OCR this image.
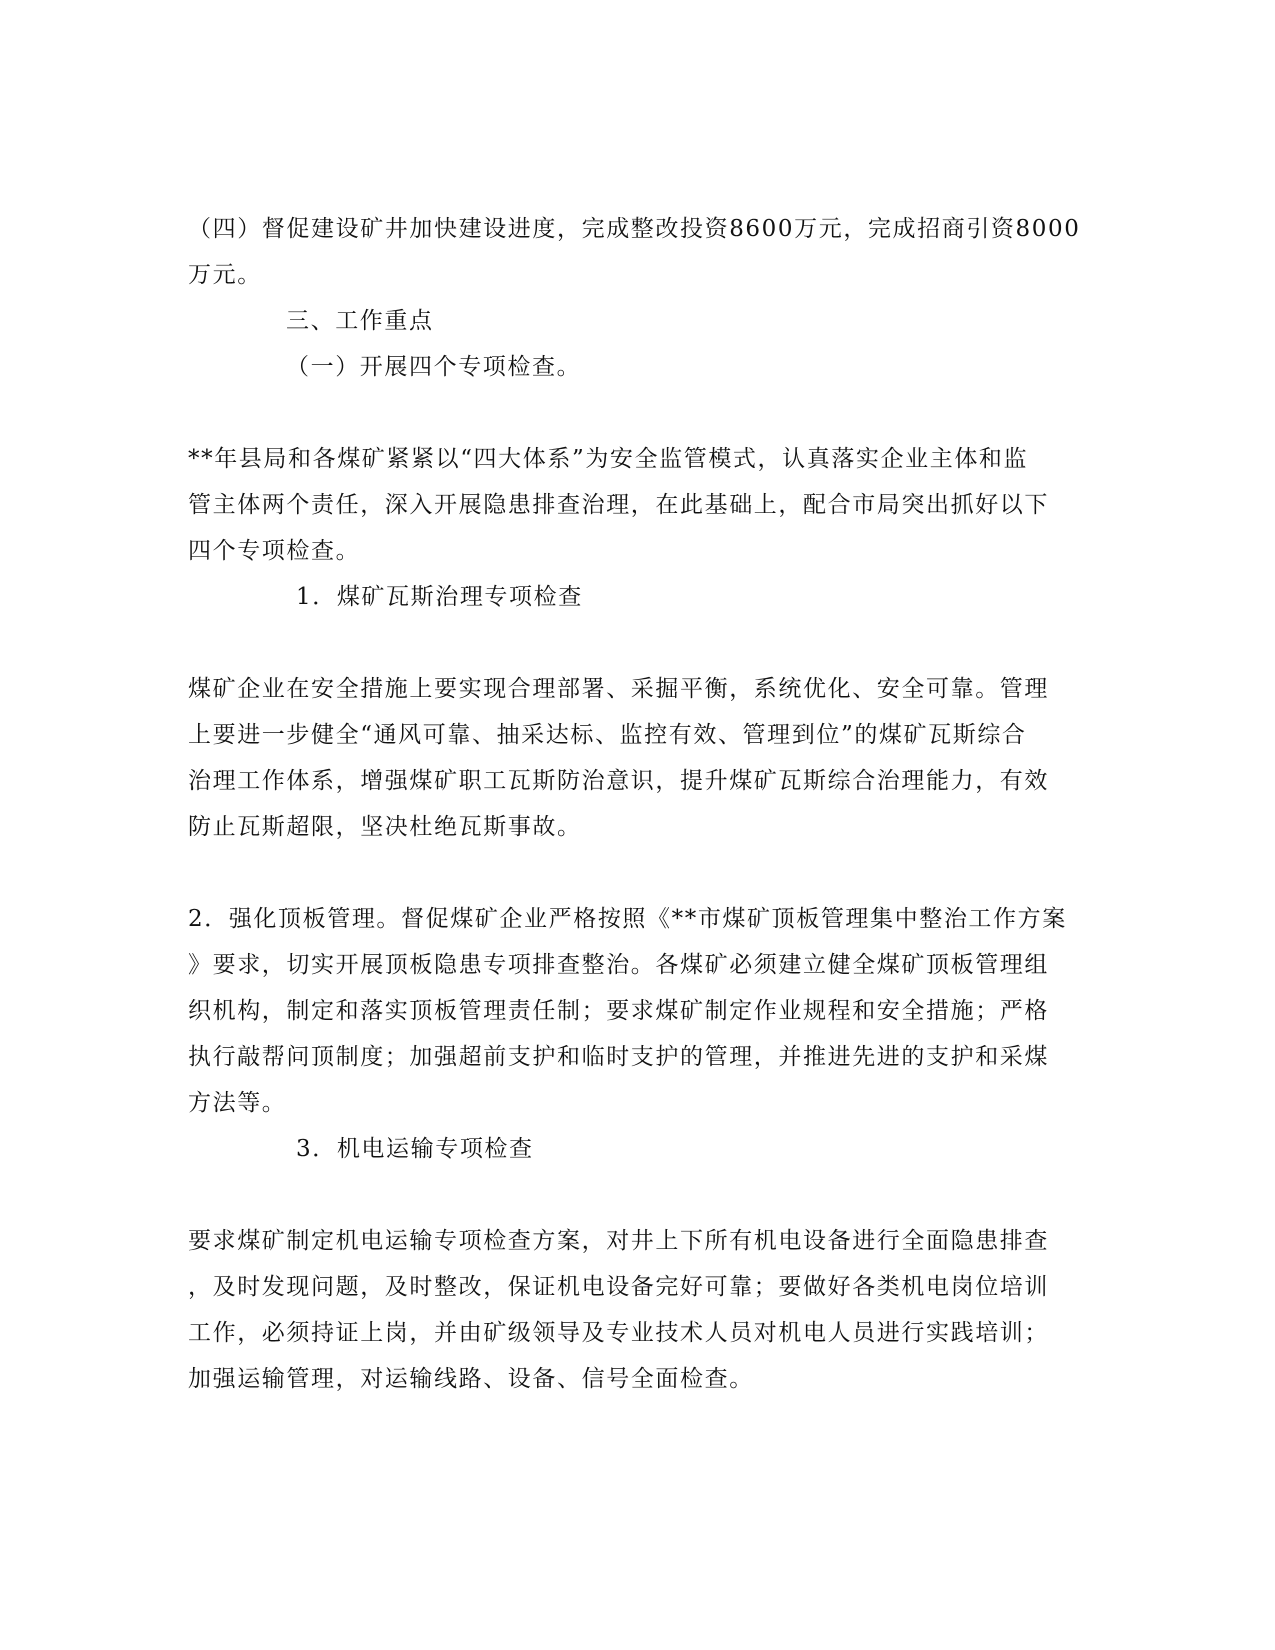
（四）督促建设矿井加快建设进度，完成整改投资8600万元，完成招商引资8000
万元。
三、工作重点
（一）开展四个专项检查。
**年县局和各煤矿紧紧以“四大体系”为安全监管模式，认真落实企业主体和监
管主体两个责任，深入开展隐患排查治理，在此基础上，配合市局突出抓好以下
四个专项检查。
1．煤矿瓦斯治理专项检查
煤矿企业在安全措施上要实现合理部署、采掘平衡，系统优化、安全可靠。管理
上要进一步健全“通风可靠、抽采达标、监控有效、管理到位”的煤矿瓦斯综合
治理工作体系，增强煤矿职工瓦斯防治意识，提升煤矿瓦斯综合治理能力，有效
防止瓦斯超限，坚决杜绝瓦斯事故。
2．强化顶板管理。督促煤矿企业严格按照《**市煤矿顶板管理集中整治工作方案
》要求，切实开展顶板隐患专项排查整治。各煤矿必须建立健全煤矿顶板管理组
织机构，制定和落实顶板管理责任制；要求煤矿制定作业规程和安全措施；严格
执行敲帮问顶制度；加强超前支护和临时支护的管理，并推进先进的支护和采煤
方法等。
3．机电运输专项检查
要求煤矿制定机电运输专项检查方案，对井上下所有机电设备进行全面隐患排查
，及时发现问题，及时整改，保证机电设备完好可靠；要做好各类机电岗位培训
工作，必须持证上岗，并由矿级领导及专业技术人员对机电人员进行实践培训；
加强运输管理，对运输线路、设备、信号全面检查。
